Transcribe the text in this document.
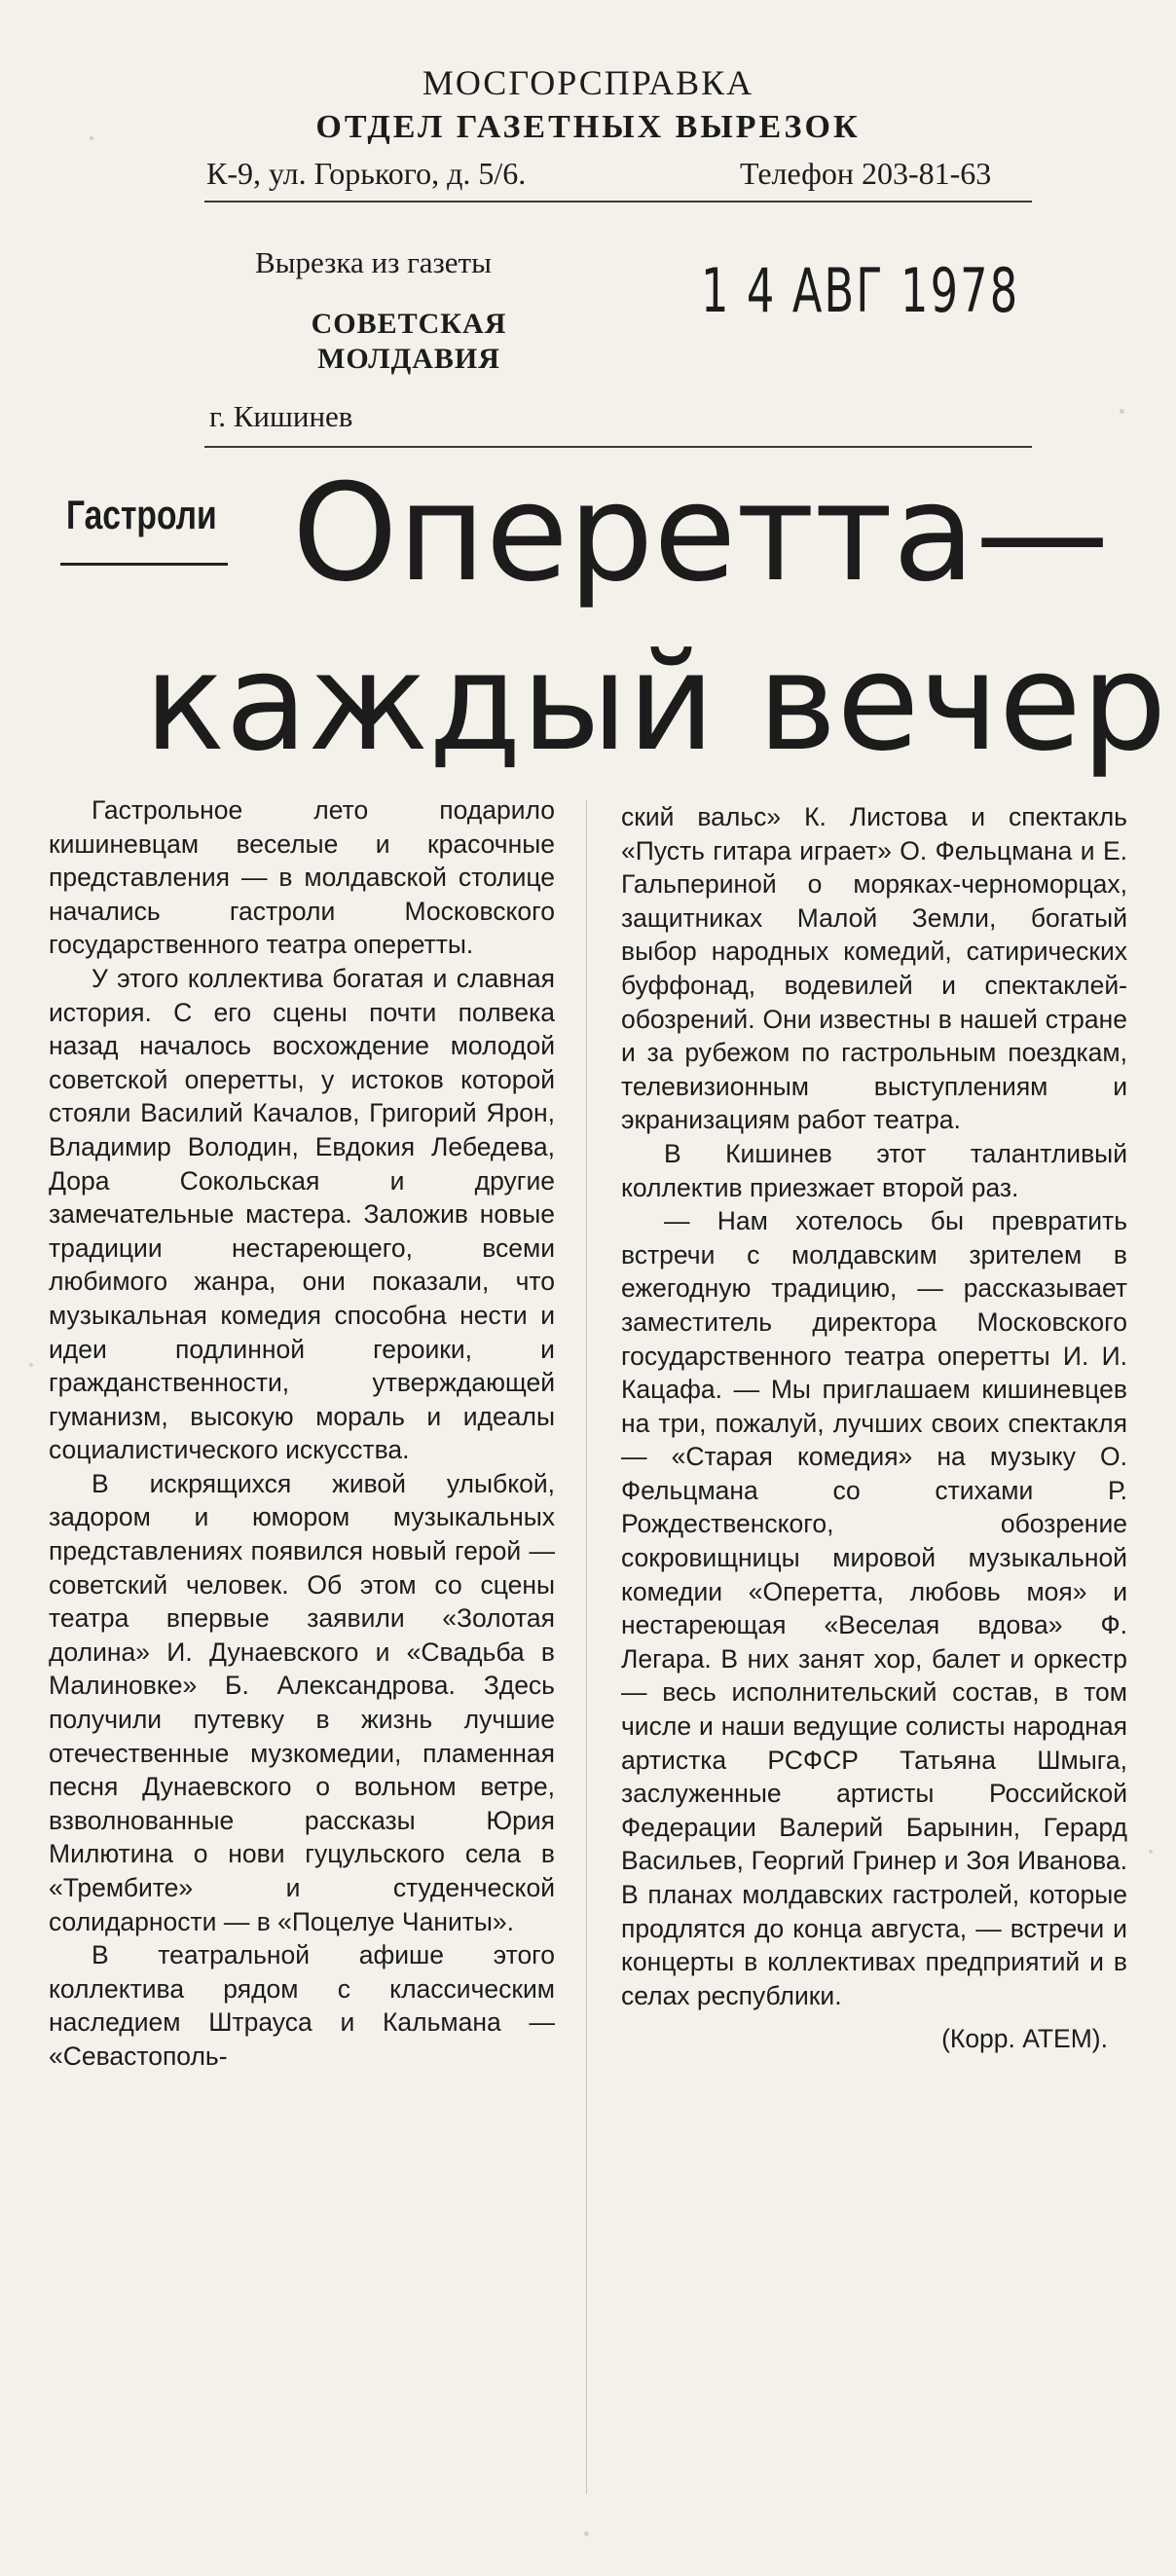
МОСГОРСПРАВКА
ОТДЕЛ ГАЗЕТНЫХ ВЫРЕЗОК
К-9, ул. Горького, д. 5/6.	Телефон 203-81-63
Вырезка из газеты
СОВЕТСКАЯ МОЛДАВИЯ
1 4 АВГ 1978
г. Кишинев
Гастроли Оперетта—
каждый вечер

Гастрольное лето подарило кишиневцам веселые и красочные представления — в молдавской столице начались гастроли Московского государственного театра оперетты.

У этого коллектива богатая и славная история. С его сцены почти полвека назад началось восхождение молодой советской оперетты, у истоков которой стояли Василий Качалов, Григорий Ярон, Владимир Володин, Евдокия Лебедева, Дора Сокольская и другие замечательные мастера. Заложив новые традиции нестареющего, всеми любимого жанра, они показали, что музыкальная комедия способна нести и идеи подлинной героики, и гражданственности, утверждающей гуманизм, высокую мораль и идеалы социалистического искусства.

В искрящихся живой улыбкой, задором и юмором музыкальных представлениях появился новый герой — советский человек. Об этом со сцены театра впервые заявили «Золотая долина» И. Дунаевского и «Свадьба в Малиновке» Б. Александрова. Здесь получили путевку в жизнь лучшие отечественные музкомедии, пламенная песня Дунаевского о вольном ветре, взволнованные рассказы Юрия Милютина о нови гуцульского села в «Трембите» и студенческой солидарности — в «Поцелуе Чаниты».

В театральной афише этого коллектива рядом с классическим наследием Штрауса и Кальмана — «Севастополь-

ский вальс» К. Листова и спектакль «Пусть гитара играет» О. Фельцмана и Е. Гальпериной о моряках-черноморцах, защитниках Малой Земли, богатый выбор народных комедий, сатирических буффонад, водевилей и спектаклей-обозрений. Они известны в нашей стране и за рубежом по гастрольным поездкам, телевизионным выступлениям и экранизациям работ театра.

В Кишинев этот талантливый коллектив приезжает второй раз.

— Нам хотелось бы превратить встречи с молдавским зрителем в ежегодную традицию, — рассказывает заместитель директора Московского государственного театра оперетты И. И. Кацафа. — Мы приглашаем кишиневцев на три, пожалуй, лучших своих спектакля — «Старая комедия» на музыку О. Фельцмана со стихами Р. Рождественского, обозрение сокровищницы мировой музыкальной комедии «Оперетта, любовь моя» и нестареющая «Веселая вдова» Ф. Легара. В них занят хор, балет и оркестр — весь исполнительский состав, в том числе и наши ведущие солисты народная артистка РСФСР Татьяна Шмыга, заслуженные артисты Российской Федерации Валерий Барынин, Герард Васильев, Георгий Гринер и Зоя Иванова. В планах молдавских гастролей, которые продлятся до конца августа, — встречи и концерты в коллективах предприятий и в селах республики.

(Корр. АТЕМ).
